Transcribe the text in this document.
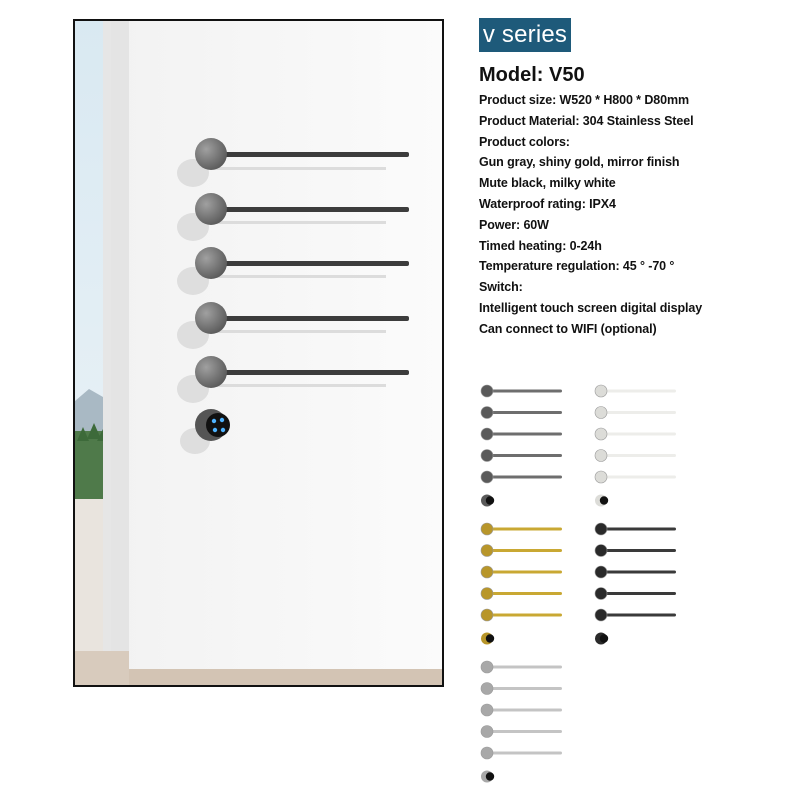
v series
Model: V50
Product size: W520 * H800 * D80mm
Product Material: 304 Stainless Steel
Product colors:
Gun gray, shiny gold, mirror finish
Mute black, milky white
Waterproof rating: IPX4
Power: 60W
Timed heating: 0-24h
Temperature regulation: 45 ° -70 °
Switch:
Intelligent touch screen digital display
Can connect to WIFI (optional)
